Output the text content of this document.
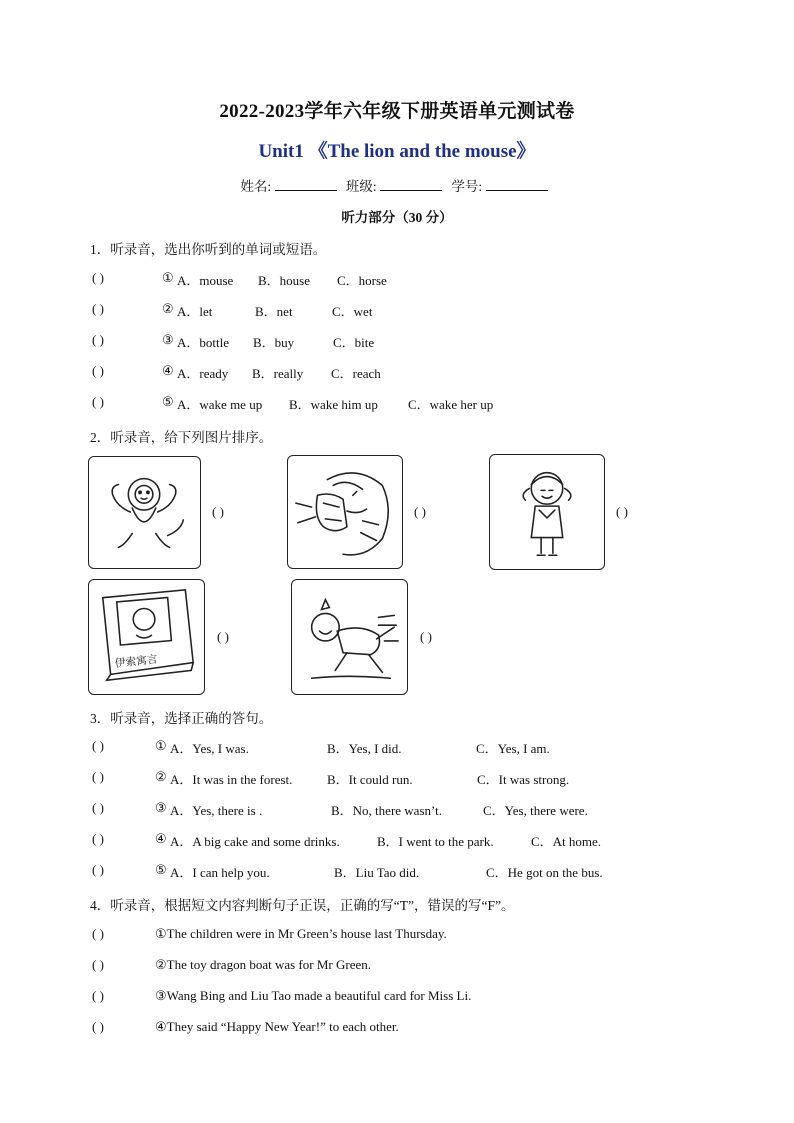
2022-2023学年六年级下册英语单元测试卷
Unit1 《The lion and the mouse》
姓名:	班级:	学号:
听力部分（30 分）
1．听录音，选出你听到的单词或短语。
( )	① A．mouse B．house C．horse
( )	② A．let	B．net	C．wet
( )	③ A．bottle B．buy	C．bite
( )	④ A．ready B．really C．reach
( )	⑤ A．wake me up B．wake him up C．wake her up
2．听录音，给下列图片排序。
( )	( )	( )
伊索寓言
( )	( )
3．听录音，选择正确的答句。
( )	① A．Yes, I was.	B．Yes, I did.	C．Yes, I am.
( )	② A．It was in the forest.	B．It could run.	C．It was strong.
( )	③ A．Yes, there is .	B．No, there wasn’t.	C．Yes, there were.
( )	④ A．A big cake and some drinks.	B．I went to the park.	C．At home.
( )	⑤ A．I can help you.	B．Liu Tao did.	C．He got on the bus.
4．听录音，根据短文内容判断句子正误，正确的写“T”，错误的写“F”。
( )	①The children were in Mr Green’s house last Thursday.
( )	②The toy dragon boat was for Mr Green.
( )	③Wang Bing and Liu Tao made a beautiful card for Miss Li.
( )	④They said “Happy New Year!” to each other.
